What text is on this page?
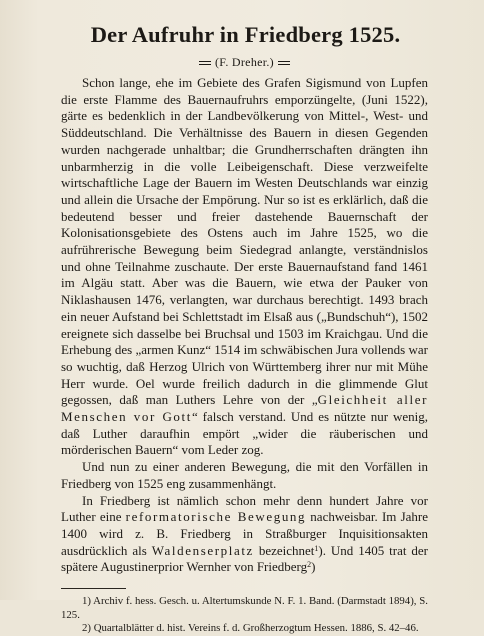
Der Aufruhr in Friedberg 1525.
(F. Dreher.)

Schon lange, ehe im Gebiete des Grafen Sigismund von Lupfen die erste Flamme des Bauernaufruhrs emporzüngelte, (Juni 1522), gärte es bedenklich in der Landbevölkerung von Mittel-, West- und Süddeutschland. Die Verhältnisse des Bauern in diesen Gegenden wurden nachgerade unhaltbar; die Grundherrschaften drängten ihn unbarmherzig in die volle Leibeigenschaft. Diese verzweifelte wirtschaftliche Lage der Bauern im Westen Deutschlands war einzig und allein die Ursache der Empörung. Nur so ist es erklärlich, daß die bedeutend besser und freier dastehende Bauernschaft der Kolonisationsgebiete des Ostens auch im Jahre 1525, wo die aufrührerische Bewegung beim Siedegrad anlangte, verständnislos und ohne Teilnahme zuschaute. Der erste Bauernaufstand fand 1461 im Algäu statt. Aber was die Bauern, wie etwa der Pauker von Niklashausen 1476, verlangten, war durchaus berechtigt. 1493 brach ein neuer Aufstand bei Schlettstadt im Elsaß aus („Bundschuh“), 1502 ereignete sich dasselbe bei Bruchsal und 1503 im Kraichgau. Und die Erhebung des „armen Kunz“ 1514 im schwäbischen Jura vollends war so wuchtig, daß Herzog Ulrich von Württemberg ihrer nur mit Mühe Herr wurde. Oel wurde freilich dadurch in die glimmende Glut gegossen, daß man Luthers Lehre von der „Gleichheit aller Menschen vor Gott“ falsch verstand. Und es nützte nur wenig, daß Luther daraufhin empört „wider die räuberischen und mörderischen Bauern“ vom Leder zog.

Und nun zu einer anderen Bewegung, die mit den Vorfällen in Friedberg von 1525 eng zusammenhängt.

In Friedberg ist nämlich schon mehr denn hundert Jahre vor Luther eine reformatorische Bewegung nachweisbar. Im Jahre 1400 wird z. B. Friedberg in Straßburger Inquisitionsakten ausdrücklich als Waldenserplatz bezeichnet$^1$). Und 1405 trat der spätere Augustinerprior Wernher von Friedberg$^2$)

1) Archiv f. hess. Gesch. u. Altertumskunde N. F. 1. Band. (Darmstadt 1894), S. 125.

2) Quartalblätter d. hist. Vereins f. d. Großherzogtum Hessen. 1886, S. 42–46.
